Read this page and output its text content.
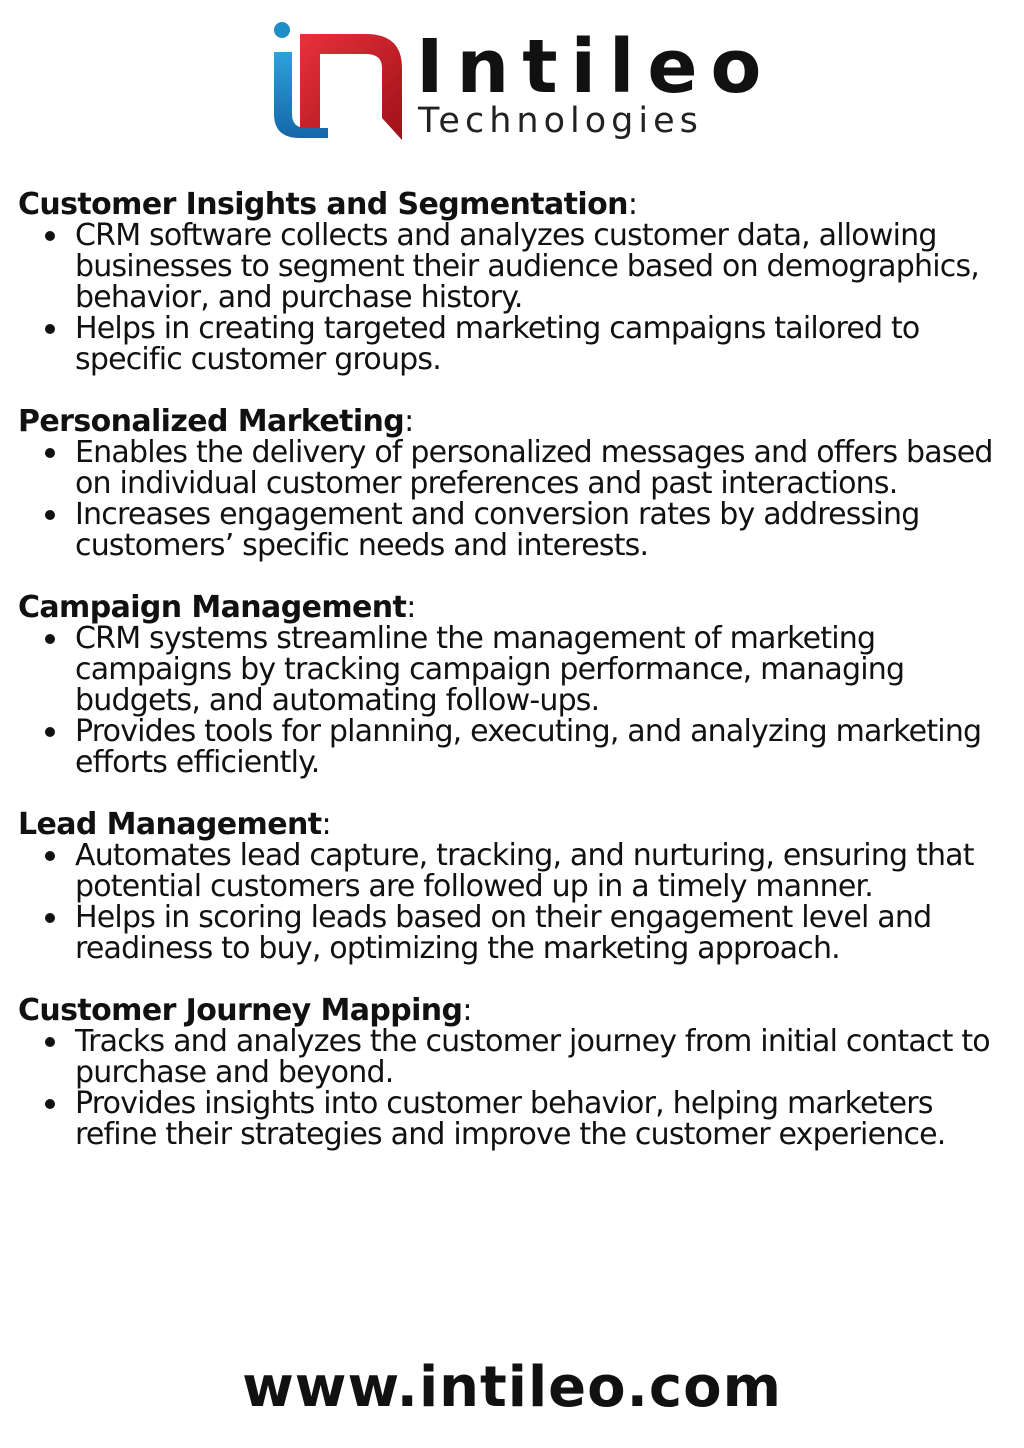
Intileo
Technologies

Customer Insights and Segmentation:

CRM software collects and analyzes customer data, allowing businesses to segment their audience based on demographics, behavior, and purchase history.
Helps in creating targeted marketing campaigns tailored to specific customer groups.

Personalized Marketing:

Enables the delivery of personalized messages and offers based on individual customer preferences and past interactions.
Increases engagement and conversion rates by addressing customers’ specific needs and interests.

Campaign Management:

CRM systems streamline the management of marketing campaigns by tracking campaign performance, managing budgets, and automating follow-ups.
Provides tools for planning, executing, and analyzing marketing efforts efficiently.

Lead Management:

Automates lead capture, tracking, and nurturing, ensuring that potential customers are followed up in a timely manner.
Helps in scoring leads based on their engagement level and readiness to buy, optimizing the marketing approach.

Customer Journey Mapping:

Tracks and analyzes the customer journey from initial contact to purchase and beyond.
Provides insights into customer behavior, helping marketers refine their strategies and improve the customer experience.
www.intileo.com
